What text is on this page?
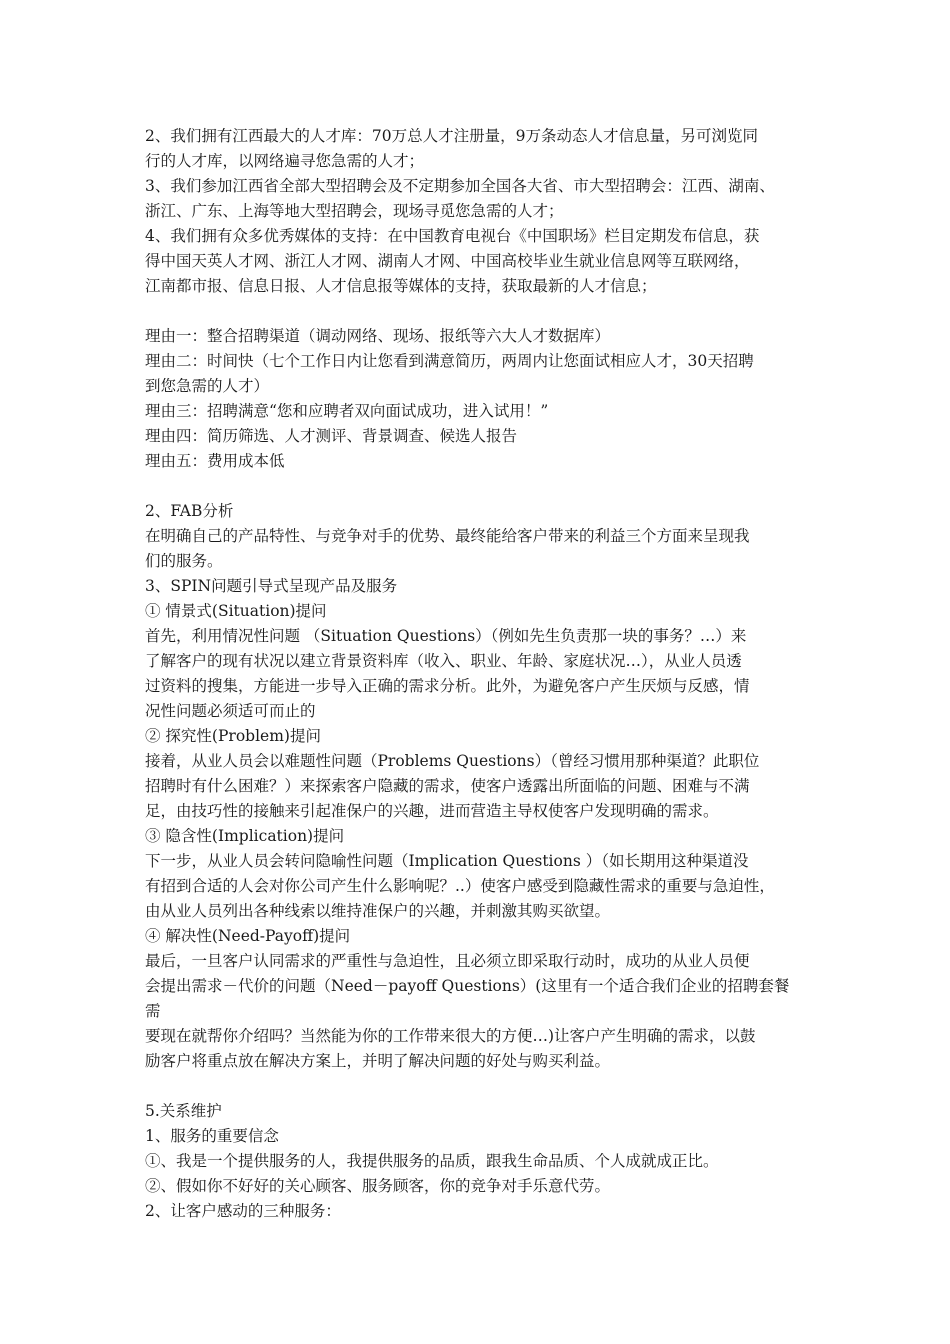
2、我们拥有江西最大的人才库：70万总人才注册量，9万条动态人才信息量，另可浏览同
行的人才库，以网络遍寻您急需的人才；
3、我们参加江西省全部大型招聘会及不定期参加全国各大省、市大型招聘会：江西、湖南、
浙江、广东、上海等地大型招聘会，现场寻觅您急需的人才；
4、我们拥有众多优秀媒体的支持：在中国教育电视台《中国职场》栏目定期发布信息，获
得中国天英人才网、浙江人才网、湖南人才网、中国高校毕业生就业信息网等互联网络，
江南都市报、信息日报、人才信息报等媒体的支持，获取最新的人才信息；
理由一：整合招聘渠道（调动网络、现场、报纸等六大人才数据库）
理由二：时间快（七个工作日内让您看到满意简历，两周内让您面试相应人才，30天招聘
到您急需的人才）
理由三：招聘满意“您和应聘者双向面试成功，进入试用！”
理由四：简历筛选、人才测评、背景调查、候选人报告
理由五：费用成本低
2、FAB分析
在明确自己的产品特性、与竞争对手的优势、最终能给客户带来的利益三个方面来呈现我
们的服务。
3、SPIN问题引导式呈现产品及服务
① 情景式(Situation)提问
首先，利用情况性问题 （Situation Questions）（例如先生负责那一块的事务？…）来
了解客户的现有状况以建立背景资料库（收入、职业、年龄、家庭状况…），从业人员透
过资料的搜集，方能进一步导入正确的需求分析。此外，为避免客户产生厌烦与反感，情
况性问题必须适可而止的
② 探究性(Problem)提问
接着，从业人员会以难题性问题（Problems Questions）（曾经习惯用那种渠道？此职位
招聘时有什么困难？）来探索客户隐藏的需求，使客户透露出所面临的问题、困难与不满
足，由技巧性的接触来引起准保户的兴趣，进而营造主导权使客户发现明确的需求。
③ 隐含性(Implication)提问
下一步，从业人员会转问隐喻性问题（Implication Questions ）（如长期用这种渠道没
有招到合适的人会对你公司产生什么影响呢？..）使客户感受到隐藏性需求的重要与急迫性，
由从业人员列出各种线索以维持准保户的兴趣，并刺激其购买欲望。
④ 解决性(Need-Payoff)提问
最后，一旦客户认同需求的严重性与急迫性，且必须立即采取行动时，成功的从业人员便
会提出需求－代价的问题（Need－payoff Questions）(这里有一个适合我们企业的招聘套餐
需
要现在就帮你介绍吗？当然能为你的工作带来很大的方便…)让客户产生明确的需求，以鼓
励客户将重点放在解决方案上，并明了解决问题的好处与购买利益。
5.关系维护
1、服务的重要信念
①、我是一个提供服务的人，我提供服务的品质，跟我生命品质、个人成就成正比。
②、假如你不好好的关心顾客、服务顾客，你的竞争对手乐意代劳。
2、让客户感动的三种服务：
